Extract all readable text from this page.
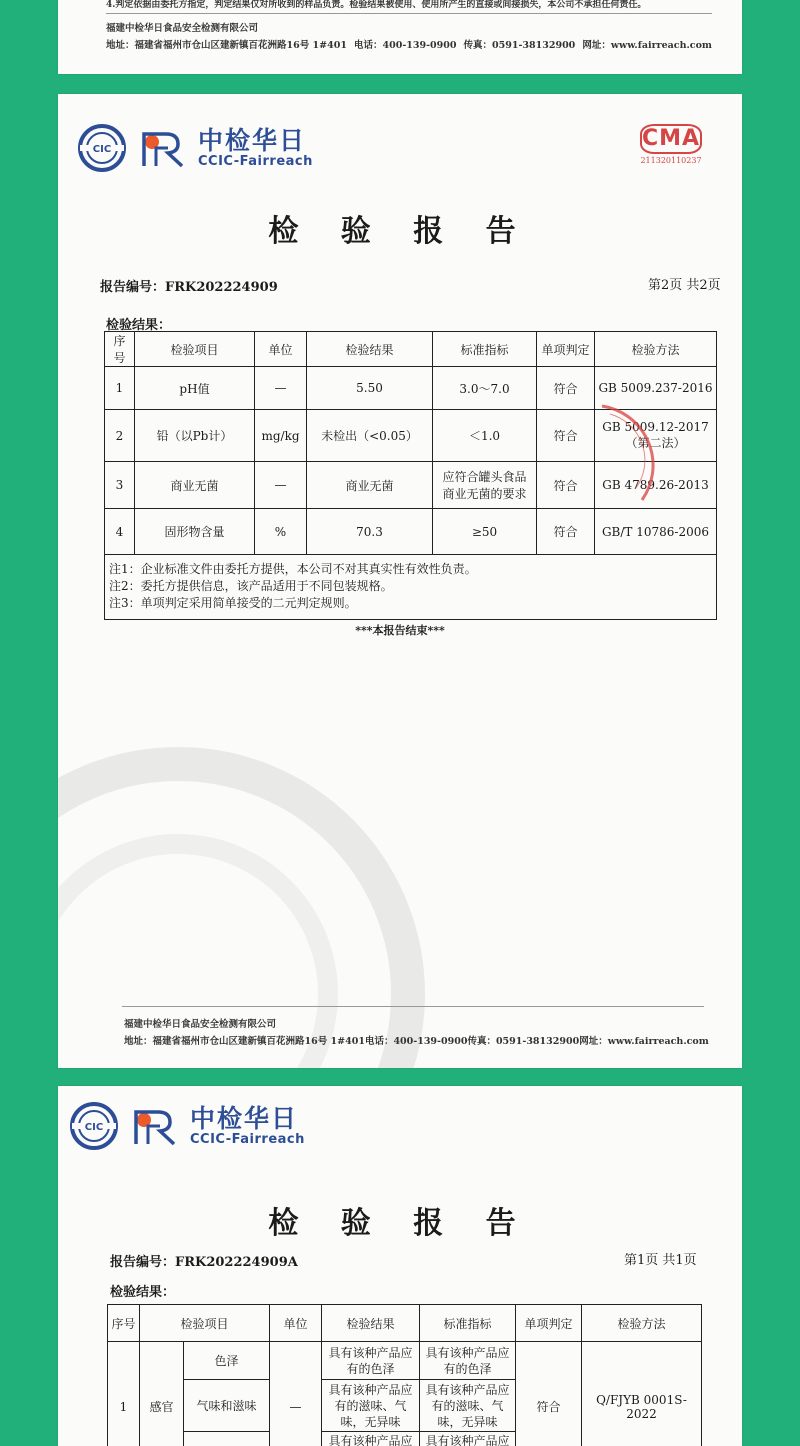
4.判定依据由委托方指定，判定结果仅对所收到的样品负责。检验结果被使用、使用所产生的直接或间接损失，本公司不承担任何责任。
福建中检华日食品安全检测有限公司
地址：福建省福州市仓山区建新镇百花洲路16号 1#401 电话：400-139-0900 传真：0591-38132900 网址：www.fairreach.com
CIC	中检华日
CCIC-Fairreach
CMA
211320110237
检 验 报 告
报告编号：FRK202224909	第2页 共2页
检验结果：
序号	检验项目	单位	检验结果	标准指标	单项判定	检验方法
1	pH值	—	5.50	3.0～7.0	符合	GB 5009.237-2016
2	铅（以Pb计）	mg/kg	未检出（<0.05）	＜1.0	符合	GB 5009.12-2017 （第二法）
3	商业无菌	—	商业无菌	应符合罐头食品 商业无菌的要求	符合	GB 4789.26-2013
4	固形物含量	%	70.3	≥50	符合	GB/T 10786-2006

注1：企业标准文件由委托方提供，本公司不对其真实性有效性负责。
注2：委托方提供信息，该产品适用于不同包装规格。
注3：单项判定采用简单接受的二元判定规则。						
***本报告结束***
福建中检华日食品安全检测有限公司
地址：福建省福州市仓山区建新镇百花洲路16号 1#401 电话：400-139-0900 传真：0591-38132900 网址：www.fairreach.com
CIC	中检华日
CCIC-Fairreach
检 验 报 告
报告编号：FRK202224909A	第1页 共1页
检验结果：
序号	检验项目		单位	检验结果	标准指标	单项判定	检验方法
1	感官	色泽	—	具有该种产品应有的色泽	具有该种产品应有的色泽	符合	Q/FJYB 0001S-2022
		气味和滋味		具有该种产品应有的滋味、气味，无异味	具有该种产品应有的滋味、气味，无异味		
				具有该种产品应	具有该种产品应		
